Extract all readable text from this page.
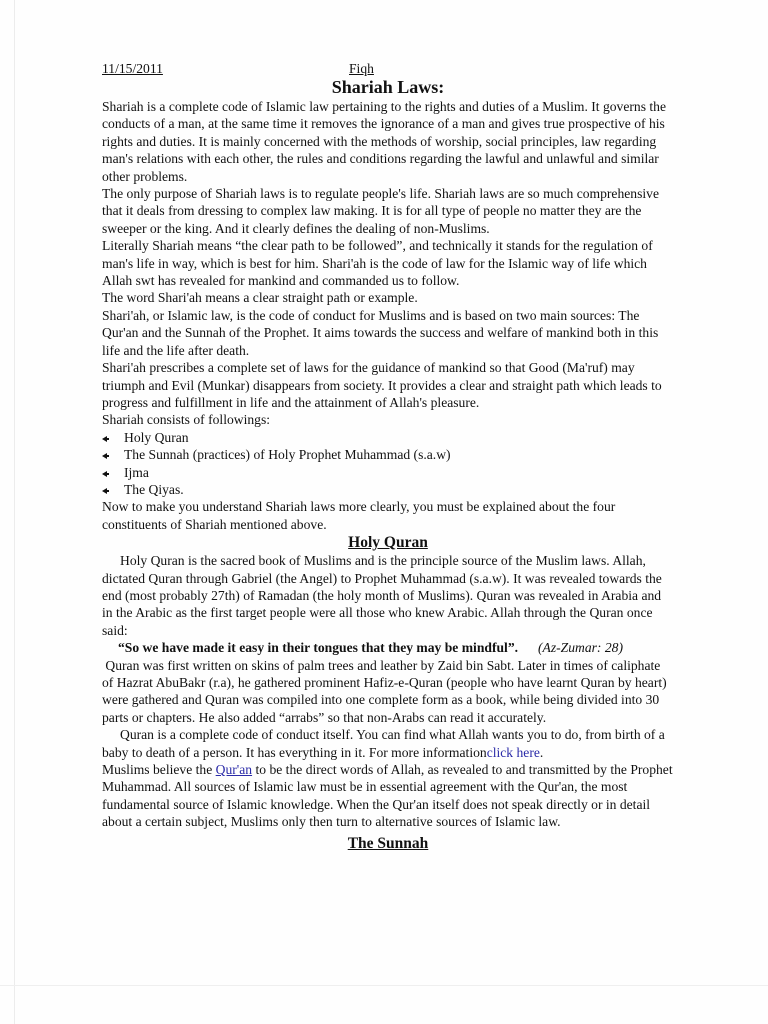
11/15/2011	Fiqh
Shariah Laws:

Shariah is a complete code of Islamic law pertaining to the rights and duties of a Muslim. It governs the conducts of a man, at the same time it removes the ignorance of a man and gives true prospective of his rights and duties. It is mainly concerned with the methods of worship, social principles, law regarding man's relations with each other, the rules and conditions regarding the lawful and unlawful and similar other problems.

The only purpose of Shariah laws is to regulate people's life. Shariah laws are so much comprehensive that it deals from dressing to complex law making. It is for all type of people no matter they are the sweeper or the king. And it clearly defines the dealing of non-Muslims.

Literally Shariah means “the clear path to be followed”, and technically it stands for the regulation of man's life in way, which is best for him. Shari'ah is the code of law for the Islamic way of life which Allah swt has revealed for mankind and commanded us to follow.

The word Shari'ah means a clear straight path or example.

Shari'ah, or Islamic law, is the code of conduct for Muslims and is based on two main sources: The Qur'an and the Sunnah of the Prophet. It aims towards the success and welfare of mankind both in this life and the life after death.

Shari'ah prescribes a complete set of laws for the guidance of mankind so that Good (Ma'ruf) may triumph and Evil (Munkar) disappears from society. It provides a clear and straight path which leads to progress and fulfillment in life and the attainment of Allah's pleasure.

Shariah consists of followings:

Holy Quran
The Sunnah (practices) of Holy Prophet Muhammad (s.a.w)
Ijma
The Qiyas.

Now to make you understand Shariah laws more clearly, you must be explained about the four constituents of Shariah mentioned above.

Holy Quran

Holy Quran is the sacred book of Muslims and is the principle source of the Muslim laws. Allah, dictated Quran through Gabriel (the Angel) to Prophet Muhammad (s.a.w). It was revealed towards the end (most probably 27th) of Ramadan (the holy month of Muslims). Quran was revealed in Arabia and in the Arabic as the first target people were all those who knew Arabic. Allah through the Quran once said:

“So we have made it easy in their tongues that they may be mindful”. (Az-Zumar: 28)

Quran was first written on skins of palm trees and leather by Zaid bin Sabt. Later in times of caliphate of Hazrat AbuBakr (r.a), he gathered prominent Hafiz-e-Quran (people who have learnt Quran by heart) were gathered and Quran was compiled into one complete form as a book, while being divided into 30 parts or chapters. He also added “arrabs” so that non-Arabs can read it accurately.

Quran is a complete code of conduct itself. You can find what Allah wants you to do, from birth of a baby to death of a person. It has everything in it. For more informationclick here.

Muslims believe the Qur'an to be the direct words of Allah, as revealed to and transmitted by the Prophet Muhammad. All sources of Islamic law must be in essential agreement with the Qur'an, the most fundamental source of Islamic knowledge. When the Qur'an itself does not speak directly or in detail about a certain subject, Muslims only then turn to alternative sources of Islamic law.

The Sunnah
